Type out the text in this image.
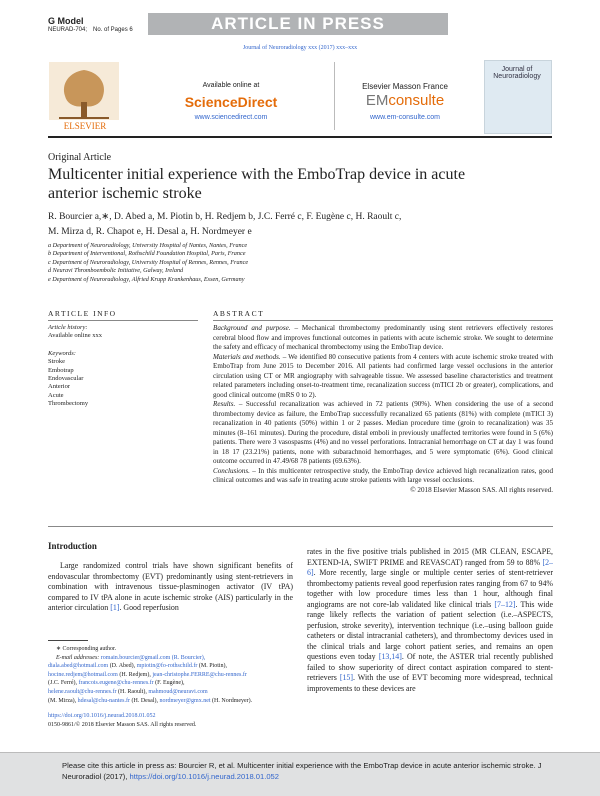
G Model
NEURAD-704; No. of Pages 6	ARTICLE IN PRESS
Journal of Neuroradiology xxx (2017) xxx–xxx
ELSEVIER
Available online at
ScienceDirect
www.sciencedirect.com
Elsevier Masson France
EMconsulte
www.em-consulte.com
Journal of Neuroradiology
Original Article
Multicenter initial experience with the EmboTrap device in acute anterior ischemic stroke
R. Bourcier a,∗, D. Abed a, M. Piotin b, H. Redjem b, J.C. Ferré c, F. Eugène c, H. Raoult c,
M. Mirza d, R. Chapot e, H. Desal a, H. Nordmeyer e
a Department of Neuroradiology, University Hospital of Nantes, Nantes, France
b Department of Interventional, Rothschild Foundation Hospital, Paris, France
c Department of Neuroradiology, University Hospital of Rennes, Rennes, France
d Neuravi Thromboembolic Initiative, Galway, Ireland
e Department of Neuroradiology, Alfried Krupp Krankenhaus, Essen, Germany
ARTICLE INFO	ABSTRACT
Article history:
Available online xxx
Keywords:
Stroke
Embotrap
Endovascular
Anterior
Acute
Thrombectomy

Background and purpose. – Mechanical thrombectomy predominantly using stent retrievers effectively restores cerebral blood flow and improves functional outcomes in patients with acute ischemic stroke. We sought to determine the safety and efficacy of mechanical thrombectomy using the EmboTrap device.

Materials and methods. – We identified 80 consecutive patients from 4 centers with acute ischemic stroke treated with EmboTrap from June 2015 to December 2016. All patients had confirmed large vessel occlusions in the anterior circulation using CT or MR angiography with salvageable tissue. We assessed baseline characteristics and treatment related parameters including onset-to-treatment time, recanalization success (mTICI 2b or greater), complications, and good clinical outcome (mRS 0 to 2).

Results. – Successful recanalization was achieved in 72 patients (90%). When considering the use of a second thrombectomy device as failure, the EmboTrap successfully recanalized 65 patients (81%) with complete (mTICI 3) recanalization in 40 patients (50%) within 1 or 2 passes. Median procedure time (groin to recanalization) was 35 minutes (8–161 minutes). During the procedure, distal emboli in previously unaffected territories were found in 5 (6%) patients. There were 3 vasospasms (4%) and no vessel perforations. Intracranial hemorrhage on CT at day 1 was found in 18 17 (23.21%) patients, none with subarachnoid hemorrhages, and 5 were symptomatic (6%). Good clinical outcome occurred in 47.49/68 78 patients (69.63%).

Conclusions. – In this multicenter retrospective study, the EmboTrap device achieved high recanalization rates, good clinical outcomes and was safe in treating acute stroke patients with large vessel occlusions.

© 2018 Elsevier Masson SAS. All rights reserved.

Introduction

Large randomized control trials have shown significant benefits of endovascular thrombectomy (EVT) predominantly using stent-retrievers in combination with intravenous tissue-plasminogen activator (IV tPA) compared to IV tPA alone in acute ischemic stroke (AIS) particularly in the anterior circulation [1]. Good reperfusion

rates in the five positive trials published in 2015 (MR CLEAN, ESCAPE, EXTEND-IA, SWIFT PRIME and REVASCAT) ranged from 59 to 88% [2–6]. More recently, large single or multiple center series of stent-retriever thrombectomy patients reveal good reperfusion rates ranging from 67 to 94% together with low procedure times less than 1 hour, although final angiograms are not core-lab validated like clinical trials [7–12]. This wide range likely reflects the variation of patient selection (i.e.–ASPECTS, perfusion, stroke severity), intervention technique (i.e.–using balloon guide catheters or distal intracranial catheters), and thrombectomy devices used in the clinical trials and large cohort patient series, and remains an open questions even today [13,14]. Of note, the ASTER trial recently published failed to show superiority of direct contact aspiration compared to stent-retrievers [15]. With the use of EVT becoming more widespread, technical improvements to these devices are

∗ Corresponding author.

E-mail addresses: romain.bourcier@gmail.com (R. Bourcier),

diala.abed@hotmail.com (D. Abed), mpiotin@fo-rothschild.fr (M. Piotin),

hocine.redjem@hotmail.com (H. Redjem), jean-christophe.FERRE@chu-rennes.fr

(J.C. Ferré), francois.eugene@chu-rennes.fr (F. Eugène),

helene.raoult@chu-rennes.fr (H. Raoult), mahmoud@neuravi.com

(M. Mirza), hdesal@chu-nantes.fr (H. Desal), nordmeyer@gmx.net (H. Nordmeyer).

https://doi.org/10.1016/j.neurad.2018.01.052
0150-9861/© 2018 Elsevier Masson SAS. All rights reserved.
Please cite this article in press as: Bourcier R, et al. Multicenter initial experience with the EmboTrap device in acute anterior ischemic stroke. J Neuroradiol (2017), https://doi.org/10.1016/j.neurad.2018.01.052
